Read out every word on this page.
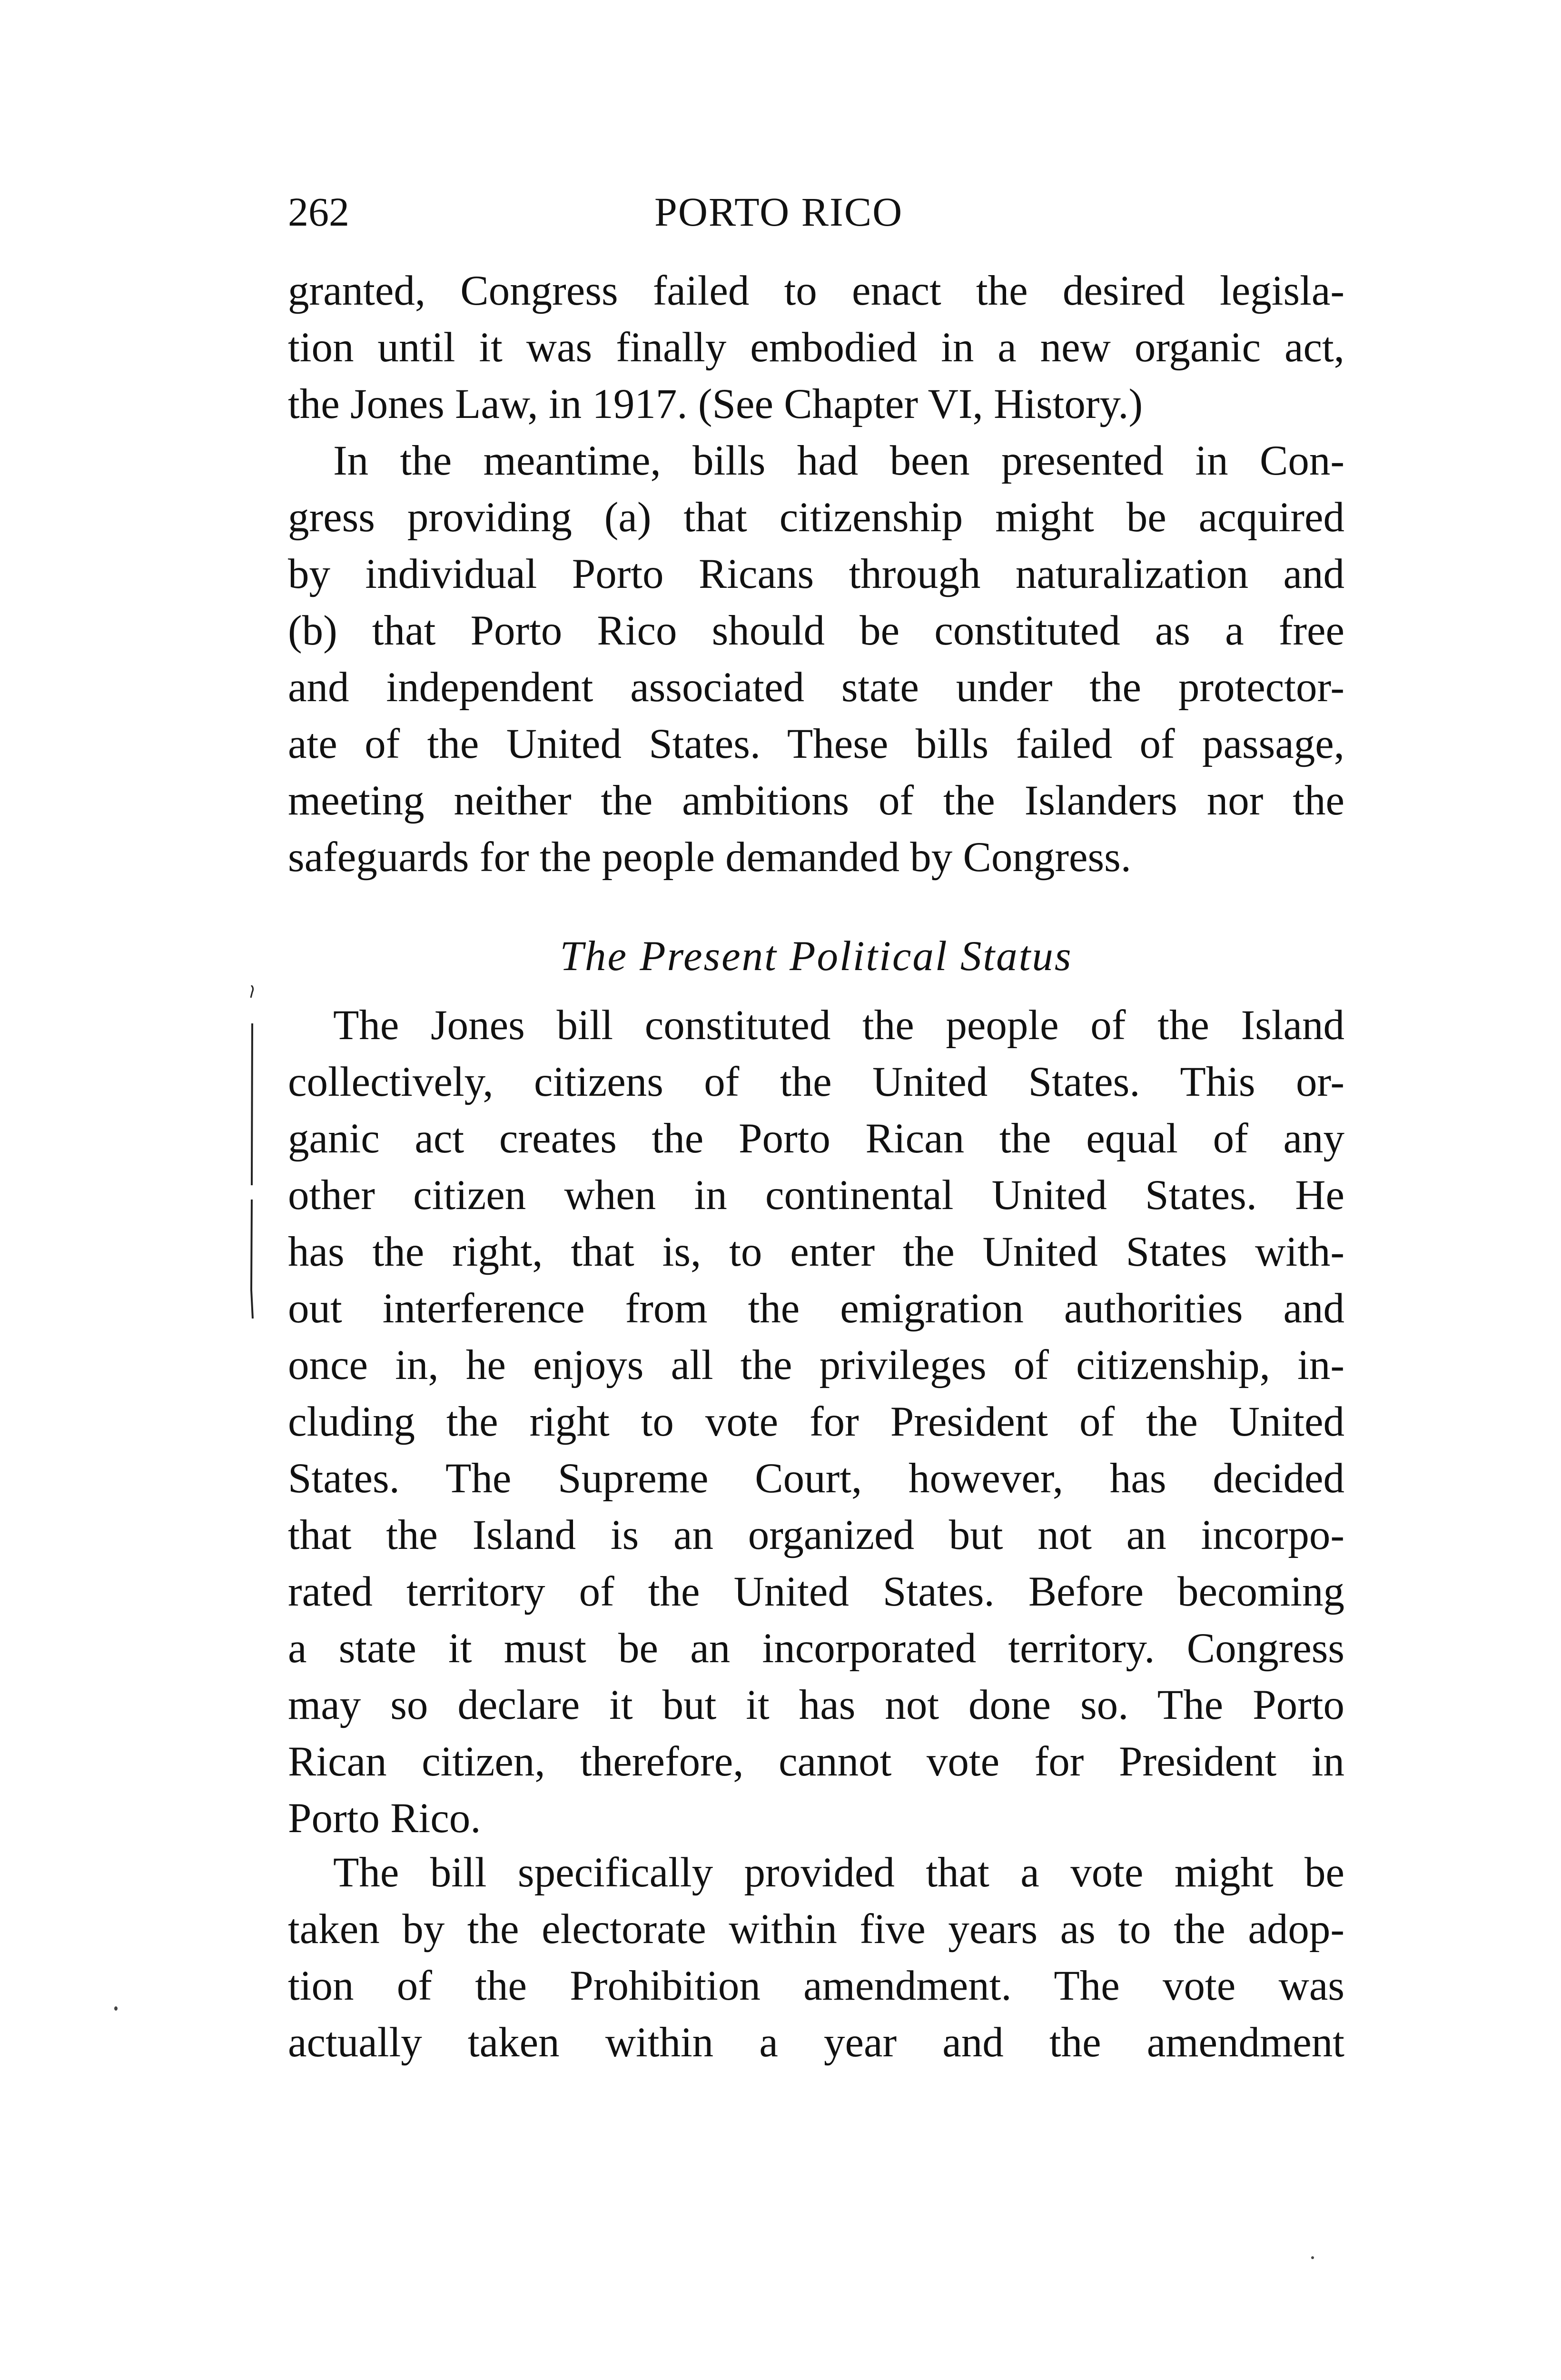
262	PORTO RICO
granted, Congress failed to enact the desired legisla-
tion until it was finally embodied in a new organic act,
the Jones Law, in 1917. (See Chapter VI, History.)
In the meantime, bills had been presented in Con-
gress providing (a) that citizenship might be acquired
by individual Porto Ricans through naturalization and
(b) that Porto Rico should be constituted as a free
and independent associated state under the protector-
ate of the United States. These bills failed of passage,
meeting neither the ambitions of the Islanders nor the
safeguards for the people demanded by Congress.
The Present Political Status
The Jones bill constituted the people of the Island
collectively, citizens of the United States. This or-
ganic act creates the Porto Rican the equal of any
other citizen when in continental United States. He
has the right, that is, to enter the United States with-
out interference from the emigration authorities and
once in, he enjoys all the privileges of citizenship, in-
cluding the right to vote for President of the United
States. The Supreme Court, however, has decided
that the Island is an organized but not an incorpo-
rated territory of the United States. Before becoming
a state it must be an incorporated territory. Congress
may so declare it but it has not done so. The Porto
Rican citizen, therefore, cannot vote for President in
Porto Rico.
The bill specifically provided that a vote might be
taken by the electorate within five years as to the adop-
tion of the Prohibition amendment. The vote was
actually taken within a year and the amendment
